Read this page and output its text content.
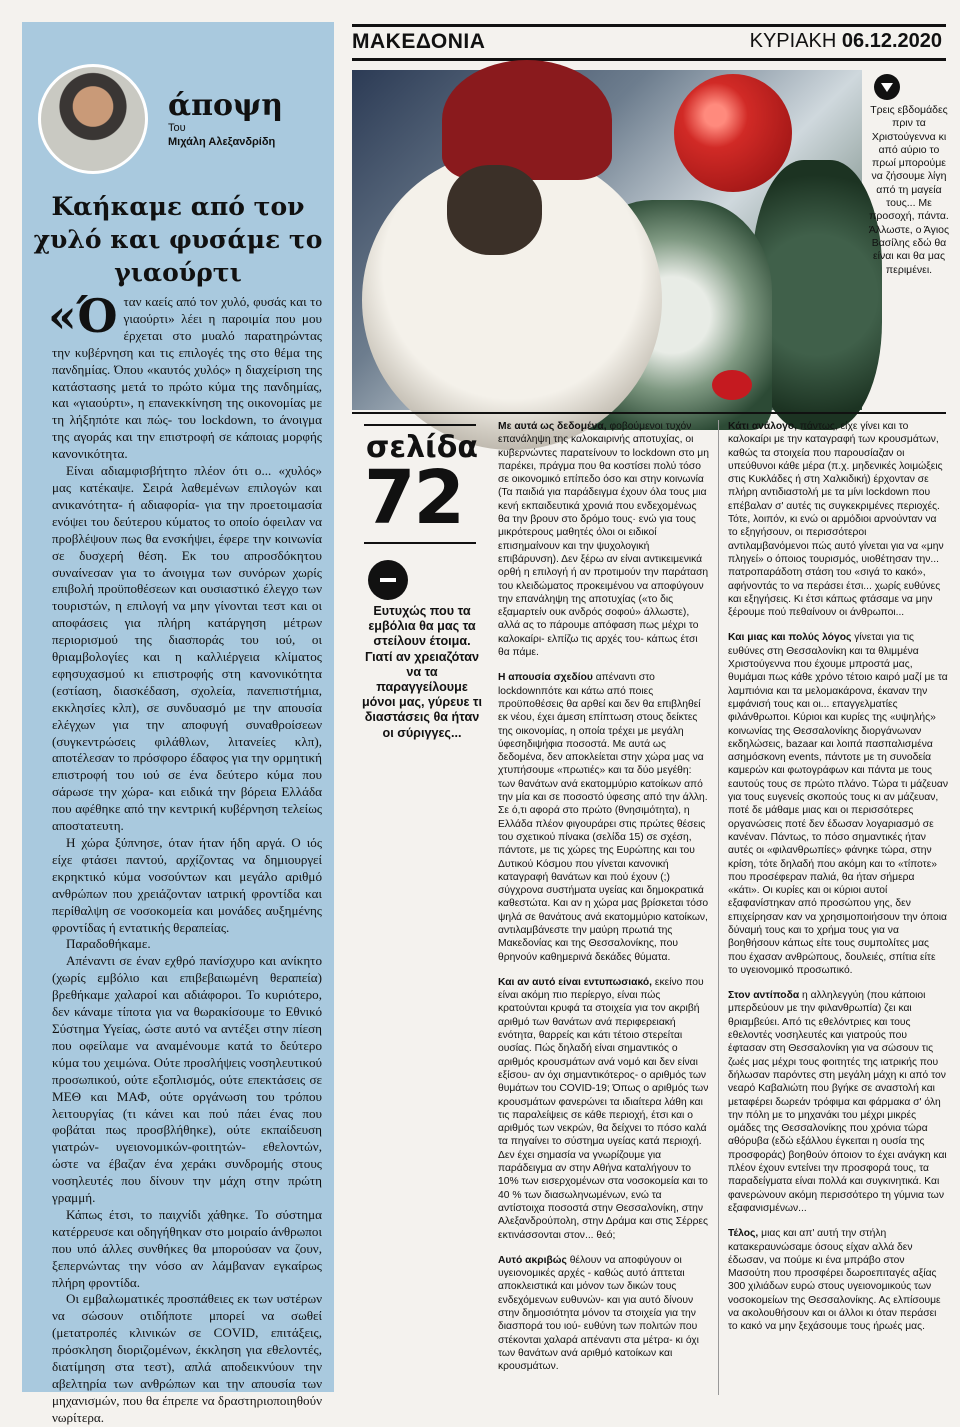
άποψη
Του
Μιχάλη Αλεξανδρίδη
Καήκαμε από τον χυλό και φυσάμε το γιαούρτι

«Όταν καείς από τον χυλό, φυσάς και το γιαούρτι» λέει η παροιμία που μου έρχεται στο μυαλό παρατηρώντας την κυβέρνηση και τις επιλογές της στο θέμα της πανδημίας. Όπου «καυτός χυλός» η διαχείριση της κατάστασης μετά το πρώτο κύμα της πανδημίας, και «γιαούρτι», η επανεκκίνηση της οικονομίας με τη λήξηπότε και πώς- του lockdown, το άνοιγμα της αγοράς και την επιστροφή σε κάποιας μορφής κανονικότητα.

Είναι αδιαμφισβήτητο πλέον ότι ο... «χυλός» μας κατέκαψε. Σειρά λαθεμένων επιλογών και ανικανότητα- ή αδιαφορία- για την προετοιμασία ενόψει του δεύτερου κύματος το οποίο όφειλαν να προβλέψουν πως θα ενσκήψει, έφερε την κοινωνία σε δυσχερή θέση. Εκ του απροσδόκητου συναίνεσαν για το άνοιγμα των συνόρων χωρίς επιβολή προϋποθέσεων και ουσιαστικό έλεγχο των τουριστών, η επιλογή να μην γίνονται τεστ και οι αποφάσεις για πλήρη κατάργηση μέτρων περιορισμού της διασποράς του ιού, οι θριαμβολογίες και η καλλιέργεια κλίματος εφησυχασμού κι επιστροφής στη κανονικότητα (εστίαση, διασκέδαση, σχολεία, πανεπιστήμια, εκκλησίες κλπ), σε συνδυασμό με την απουσία ελέγχων για την αποφυγή συναθροίσεων (συγκεντρώσεις φιλάθλων, λιτανείες κλπ), αποτέλεσαν το πρόσφορο έδαφος για την ορμητική επιστροφή του ιού σε ένα δεύτερο κύμα που σάρωσε την χώρα- και ειδικά την βόρεια Ελλάδα που αφέθηκε από την κεντρική κυβέρνηση τελείως αποστατευτη.

Η χώρα ξύπνησε, όταν ήταν ήδη αργά. Ο ιός είχε φτάσει παντού, αρχίζοντας να δημιουργεί εκρηκτικό κύμα νοσούντων και μεγάλο αριθμό ανθρώπων που χρειάζονταν ιατρική φροντίδα και περίθαλψη σε νοσοκομεία και μονάδες αυξημένης φροντίδας ή εντατικής θεραπείας.

Παραδοθήκαμε.

Απέναντι σε έναν εχθρό πανίσχυρο και ανίκητο (χωρίς εμβόλιο και επιβεβαιωμένη θεραπεία) βρεθήκαμε χαλαροί και αδιάφοροι. Το κυριότερο, δεν κάναμε τίποτα για να θωρακίσουμε το Εθνικό Σύστημα Υγείας, ώστε αυτό να αντέξει στην πίεση που οφείλαμε να αναμένουμε κατά το δεύτερο κύμα του χειμώνα. Ούτε προσλήψεις νοσηλευτικού προσωπικού, ούτε εξοπλισμός, ούτε επεκτάσεις σε ΜΕΘ και ΜΑΦ, ούτε οργάνωση του τρόπου λειτουργίας (τι κάνει και πού πάει ένας που φοβάται πως προσβλήθηκε), ούτε εκπαίδευση γιατρών- υγειονομικών-φοιτητών- εθελοντών, ώστε να έβαζαν ένα χεράκι συνδρομής στους νοσηλευτές που δίνουν την μάχη στην πρώτη γραμμή.

Κάπως έτσι, το παιχνίδι χάθηκε. Το σύστημα κατέρρευσε και οδηγήθηκαν στο μοιραίο άνθρωποι που υπό άλλες συνθήκες θα μπορούσαν να ζουν, ξεπερνώντας την νόσο αν λάμβαναν εγκαίρως πλήρη φροντίδα.

Οι εμβαλωματικές προσπάθειες εκ των υστέρων να σώσουν οτιδήποτε μπορεί να σωθεί (μετατροπές κλινικών σε COVID, επιτάξεις, πρόσκληση διοριζομένων, έκκληση για εθελοντές, διατίμηση στα τεστ), απλά αποδεικνύουν την αβελτηρία των ανθρώπων και την απουσία των μηχανισμών, που θα έπρεπε να δραστηριοποιηθούν νωρίτερα.

ΜΑΚΕΔΟΝΙΑ	ΚΥΡΙΑΚΗ 06.12.2020
Τρεις εβδομάδες πριν τα Χριστούγεννα κι από αύριο το πρωί μπορούμε να ζήσουμε λίγη από τη μαγεία τους... Με προσοχή, πάντα. Άλλωστε, ο Άγιος Βασίλης εδώ θα είναι και θα μας περιμένει.
σελίδα
72
Ευτυχώς που τα εμβόλια θα μας τα στείλουν έτοιμα. Γιατί αν χρειαζόταν να τα παραγγείλουμε μόνοι μας, γύρευε τι διαστάσεις θα ήταν οι σύριγγες...

Με αυτά ως δεδομένα, φοβούμενοι τυχόν επανάληψη της καλοκαιρινής αποτυχίας, οι κυβερνώντες παρατείνουν το lockdown στο μη παρέκει, πράγμα που θα κοστίσει πολύ τόσο σε οικονομικό επίπεδο όσο και στην κοινωνία (Τα παιδιά για παράδειγμα έχουν όλα τους μια κενή εκπαιδευτικά χρονιά που ενδεχομένως θα την βρουν στο δρόμο τους· ενώ για τους μικρότερους μαθητές όλοι οι ειδικοί επισημαίνουν και την ψυχολογική επιβάρυνση). Δεν ξέρω αν είναι αντικειμενικά ορθή η επιλογή ή αν προτιμούν την παράταση του κλειδώματος προκειμένου να αποφύγουν την επανάληψη της αποτυχίας («το δις εξαμαρτείν ουκ ανδρός σοφού» άλλωστε), αλλά ας το πάρουμε απόφαση πως μέχρι το καλοκαίρι- ελπίζω τις αρχές του- κάπως έτσι θα πάμε.

Η απουσία σχεδίου απέναντι στο lockdownπότε και κάτω από ποιες προϋποθέσεις θα αρθεί και δεν θα επιβληθεί εκ νέου, έχει άμεση επίπτωση στους δείκτες της οικονομίας, η οποία τρέχει με μεγάλη ύφεσηδιψήφια ποσοστά. Με αυτά ως δεδομένα, δεν αποκλείεται στην χώρα μας να χτυπήσουμε «πρωτιές» και τα δύο μεγέθη: των θανάτων ανά εκατομμύριο κατοίκων από την μία και σε ποσοστό ύφεσης από την άλλη. Σε ό,τι αφορά στο πρώτο (θνησιμότητα), η Ελλάδα πλέον φιγουράρει στις πρώτες θέσεις του σχετικού πίνακα (σελίδα 15) σε σχέση, πάντοτε, με τις χώρες της Ευρώπης και του Δυτικού Κόσμου που γίνεται κανονική καταγραφή θανάτων και πού έχουν (;) σύγχρονα συστήματα υγείας και δημοκρατικά καθεστώτα. Και αν η χώρα μας βρίσκεται τόσο ψηλά σε θανάτους ανά εκατομμύριο κατοίκων, αντιλαμβάνεστε την μαύρη πρωτιά της Μακεδονίας και της Θεσσαλονίκης, που θρηνούν καθημερινά δεκάδες θύματα.

Και αν αυτό είναι εντυπωσιακό, εκείνο που είναι ακόμη πιο περίεργο, είναι πώς κρατούνται κρυφά τα στοιχεία για τον ακριβή αριθμό των θανάτων ανά περιφερειακή ενότητα, θαρρείς και κάτι τέτοιο στερείται ουσίας. Πώς δηλαδή είναι σημαντικός ο αριθμός κρουσμάτων ανά νομό και δεν είναι εξίσου- αν όχι σημαντικότερος- ο αριθμός των θυμάτων του COVID-19; Όπως ο αριθμός των κρουσμάτων φανερώνει τα ιδιαίτερα λάθη και τις παραλείψεις σε κάθε περιοχή, έτσι και ο αριθμός των νεκρών, θα δείχνει το πόσο καλά τα πηγαίνει το σύστημα υγείας κατά περιοχή. Δεν έχει σημασία να γνωρίζουμε για παράδειγμα αν στην Αθήνα καταλήγουν το 10% των εισερχομένων στα νοσοκομεία και το 40 % των διασωληνωμένων, ενώ τα αντίστοιχα ποσοστά στην Θεσσαλονίκη, στην Αλεξανδρούπολη, στην Δράμα και στις Σέρρες εκτινάσσονται στον... θεό;

Αυτό ακριβώς θέλουν να αποφύγουν οι υγειονομικές αρχές - καθώς αυτό άπτεται αποκλειστικά και μόνον των δικών τους ενδεχόμενων ευθυνών- και για αυτό δίνουν στην δημοσιότητα μόνον τα στοιχεία για την διασπορά του ιού- ευθύνη των πολιτών που στέκονται χαλαρά απέναντι στα μέτρα- κι όχι των θανάτων ανά αριθμό κατοίκων και κρουσμάτων.

Κάτι ανάλογο, πάντως, είχε γίνει και το καλοκαίρι με την καταγραφή των κρουσμάτων, καθώς τα στοιχεία που παρουσίαζαν οι υπεύθυνοι κάθε μέρα (π.χ. μηδενικές λοιμώξεις στις Κυκλάδες ή στη Χαλκιδική) έρχονταν σε πλήρη αντιδιαστολή με τα μίνι lockdown που επέβαλαν σ' αυτές τις συγκεκριμένες περιοχές. Τότε, λοιπόν, κι ενώ οι αρμόδιοι αρνούνταν να το εξηγήσουν, οι περισσότεροι αντιλαμβανόμενοι πώς αυτό γίνεται για να «μην πληγεί» ο όποιος τουρισμός, υιοθέτησαν την... πατροπαράδοτη στάση του «σιγά το κακό», αφήνοντάς το να περάσει έτσι... χωρίς ευθύνες και εξηγήσεις. Κι έτσι κάπως φτάσαμε να μην ξέρουμε πού πεθαίνουν οι άνθρωποι...

Και μιας και πολύς λόγος γίνεται για τις ευθύνες στη Θεσσαλονίκη και τα θλιμμένα Χριστούγεννα που έχουμε μπροστά μας, θυμάμαι πως κάθε χρόνο τέτοιο καιρό μαζί με τα λαμπιόνια και τα μελομακάρονα, έκαναν την εμφάνισή τους και οι... επαγγελματίες φιλάνθρωποι. Κύριοι και κυρίες της «υψηλής» κοινωνίας της Θεσσαλονίκης διοργάνωναν εκδηλώσεις, bazaar και λοιπά πασπαλισμένα ασημόσκονη events, πάντοτε με τη συνοδεία καμερών και φωτογράφων και πάντα με τους εαυτούς τους σε πρώτο πλάνο. Τώρα τι μάζευαν για τους ευγενείς σκοπούς τους κι αν μάζευαν, ποτέ δε μάθαμε μιας και οι περισσότερες οργανώσεις ποτέ δεν έδωσαν λογαριασμό σε κανέναν. Πάντως, το πόσο σημαντικές ήταν αυτές οι «φιλανθρωπίες» φάνηκε τώρα, στην κρίση, τότε δηλαδή που ακόμη και το «τίποτε» που προσέφεραν παλιά, θα ήταν σήμερα «κάτι». Οι κυρίες και οι κύριοι αυτοί εξαφανίστηκαν από προσώπου γης, δεν επιχείρησαν καν να χρησιμοποιήσουν την όποια δύναμή τους και το χρήμα τους για να βοηθήσουν κάπως είτε τους συμπολίτες μας που έχασαν ανθρώπους, δουλειές, σπίτια είτε το υγειονομικό προσωπικό.

Στον αντίποδα η αλληλεγγύη (που κάποιοι μπερδεύουν με την φιλανθρωπία) ζει και θριαμβεύει. Από τις εθελόντριες και τους εθελοντές νοσηλευτές και γιατρούς που έφτασαν στη Θεσσαλονίκη για να σώσουν τις ζωές μας μέχρι τους φοιτητές της ιατρικής που δήλωσαν παρόντες στη μεγάλη μάχη κι από τον νεαρό Καβαλιώτη που βγήκε σε αναστολή και μεταφέρει δωρεάν τρόφιμα και φάρμακα σ' όλη την πόλη με το μηχανάκι του μέχρι μικρές ομάδες της Θεσσαλονίκης που χρόνια τώρα αθόρυβα (εδώ εξάλλου έγκειται η ουσία της προσφοράς) βοηθούν όποιον το έχει ανάγκη και πλέον έχουν εντείνει την προσφορά τους, τα παραδείγματα είναι πολλά και συγκινητικά. Και φανερώνουν ακόμη περισσότερο τη γύμνια των εξαφανισμένων...

Τέλος, μιας και απ' αυτή την στήλη κατακεραυνώσαμε όσους είχαν αλλά δεν έδωσαν, να πούμε κι ένα μπράβο στον Μασούτη που προσφέρει δωροεπιταγές αξίας 300 χιλιάδων ευρώ στους υγειονομικούς των νοσοκομείων της Θεσσαλονίκης. Ας ελπίσουμε να ακολουθήσουν και οι άλλοι κι όταν περάσει το κακό να μην ξεχάσουμε τους ήρωές μας.
